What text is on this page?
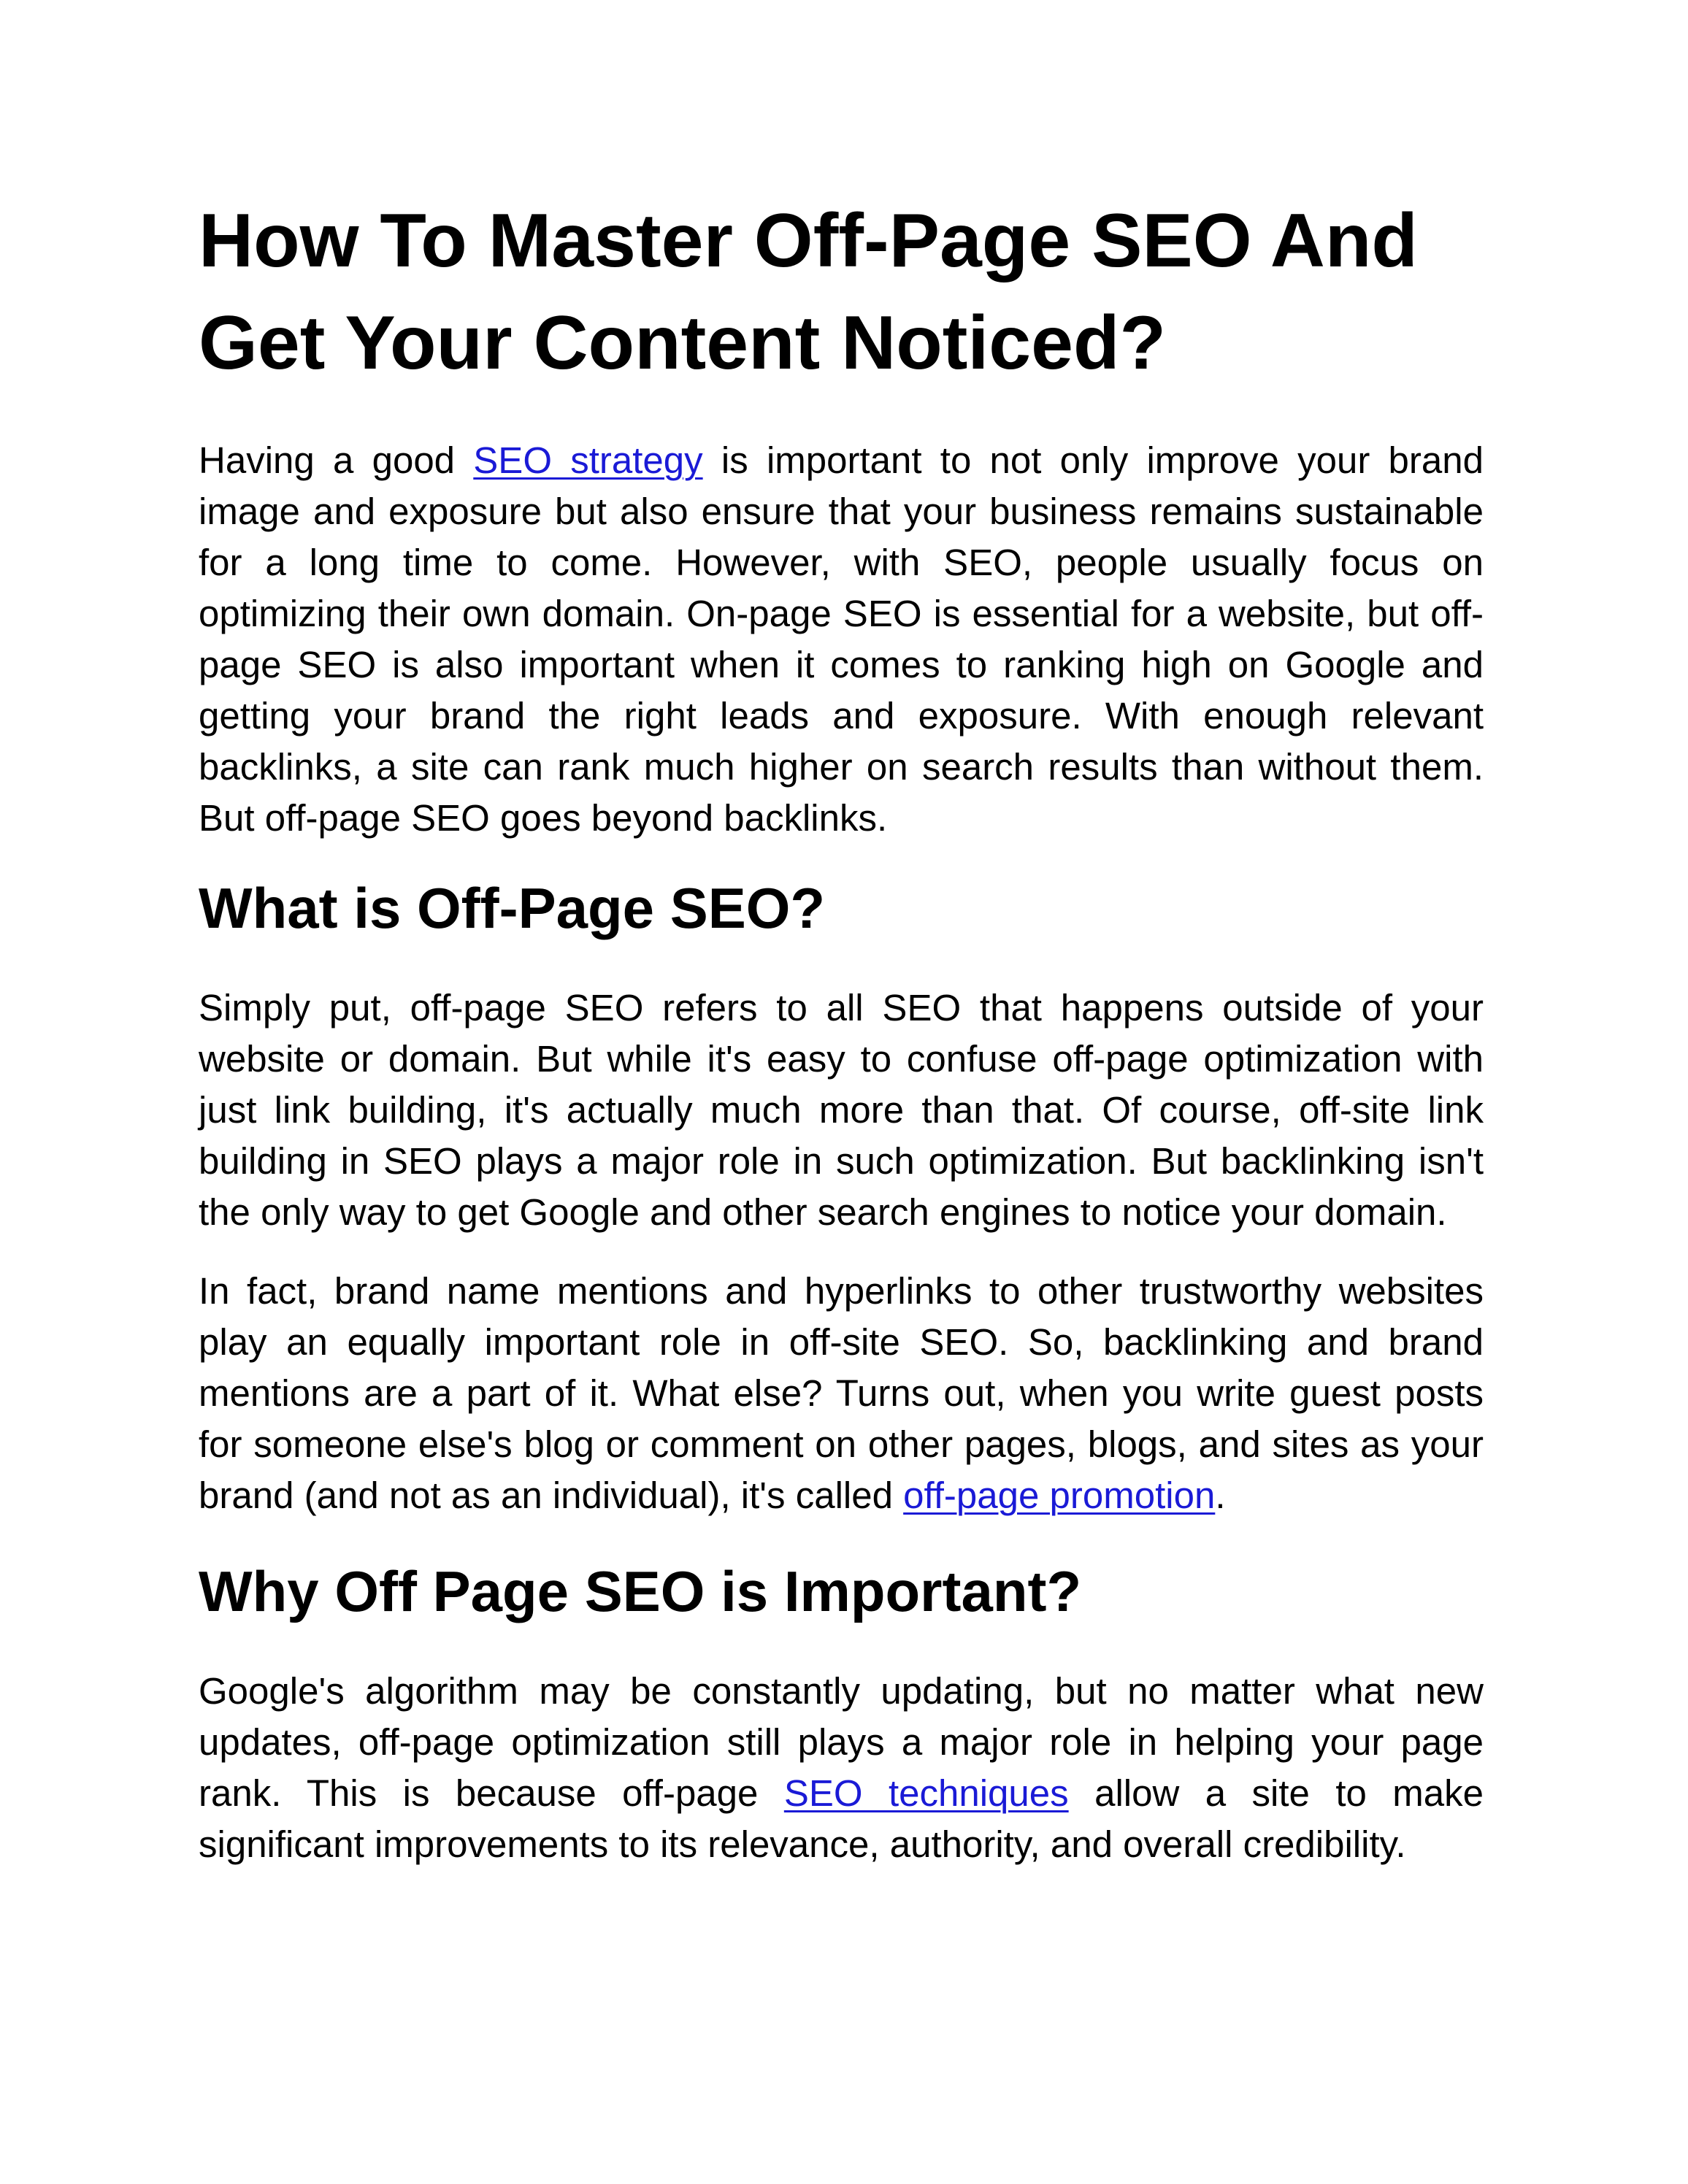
How To Master Off-Page SEO And Get Your Content Noticed?

Having a good SEO strategy is important to not only improve your brand image and exposure but also ensure that your business remains sustainable for a long time to come. However, with SEO, people usually focus on optimizing their own domain. On-page SEO is essential for a website, but off-page SEO is also important when it comes to ranking high on Google and getting your brand the right leads and exposure. With enough relevant backlinks, a site can rank much higher on search results than without them. But off-page SEO goes beyond backlinks.

What is Off-Page SEO?

Simply put, off-page SEO refers to all SEO that happens outside of your website or domain. But while it's easy to confuse off-page optimization with just link building, it's actually much more than that. Of course, off-site link building in SEO plays a major role in such optimization. But backlinking isn't the only way to get Google and other search engines to notice your domain.

In fact, brand name mentions and hyperlinks to other trustworthy websites play an equally important role in off-site SEO. So, backlinking and brand mentions are a part of it. What else? Turns out, when you write guest posts for someone else's blog or comment on other pages, blogs, and sites as your brand (and not as an individual), it's called off-page promotion.

Why Off Page SEO is Important?

Google's algorithm may be constantly updating, but no matter what new updates, off-page optimization still plays a major role in helping your page rank. This is because off-page SEO techniques allow a site to make significant improvements to its relevance, authority, and overall credibility.
